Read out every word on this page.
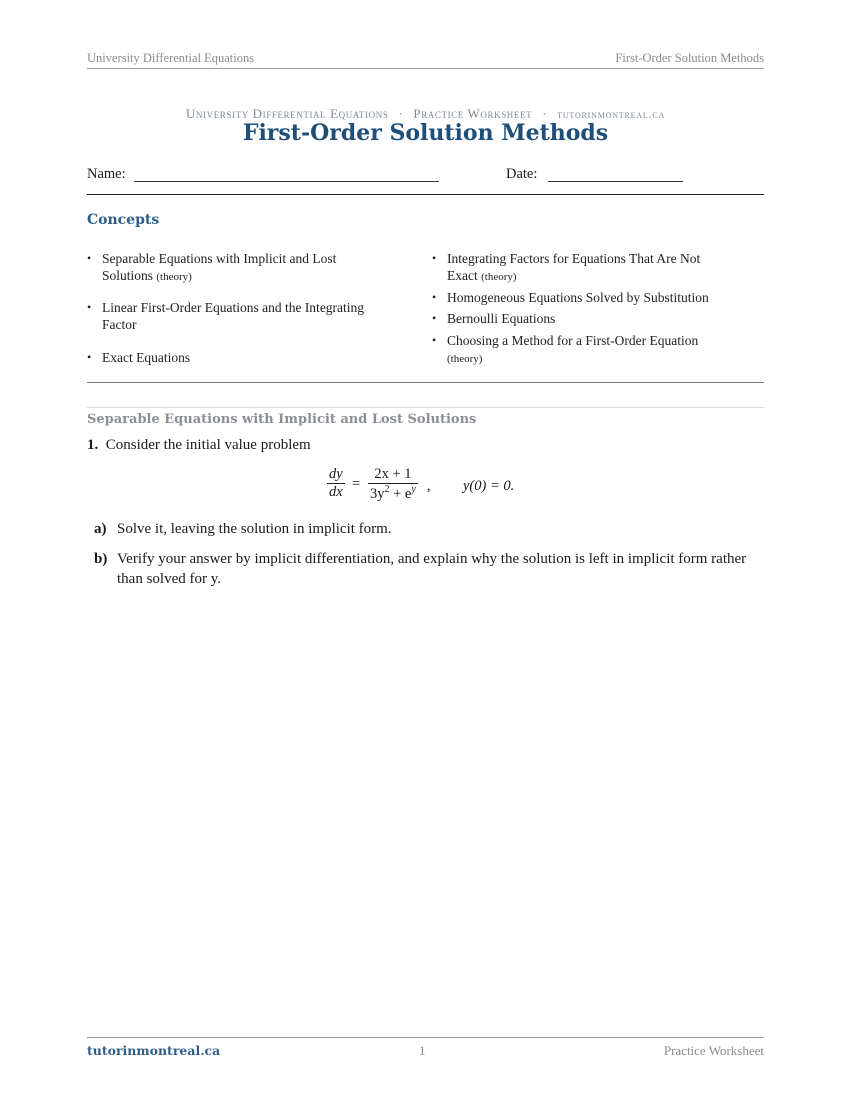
University Differential Equations	First-Order Solution Methods
University Differential Equations · Practice Worksheet · tutorinmontreal.ca
First-Order Solution Methods
Name:	Date:
Concepts
• Separable Equations with Implicit and Lost Solutions (theory)
• Linear First-Order Equations and the Integrating Factor
• Exact Equations
• Integrating Factors for Equations That Are Not Exact (theory)
• Homogeneous Equations Solved by Substitution
• Bernoulli Equations
• Choosing a Method for a First-Order Equation (theory)
Separable Equations with Implicit and Lost Solutions
1. Consider the initial value problem
$\frac{dy}{dx} = \frac{2x + 1}{3y^2 + e^y}$ , y(0) = 0.
a) Solve it, leaving the solution in implicit form.
b) Verify your answer by implicit differentiation, and explain why the solution is left in implicit form rather than solved for y.
tutorinmontreal.ca	1	Practice Worksheet
